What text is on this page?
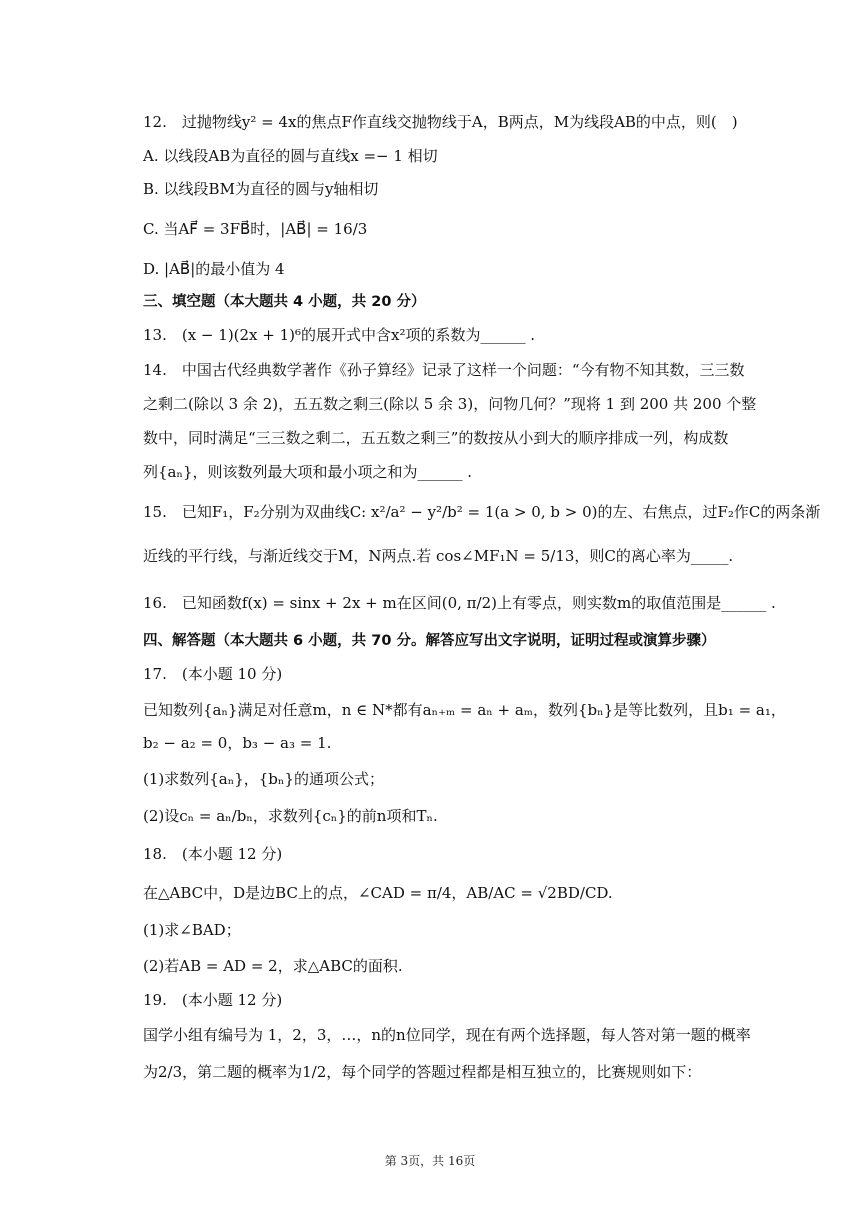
12.　过抛物线y² = 4x的焦点F作直线交抛物线于A，B两点，M为线段AB的中点，则(　)
A. 以线段AB为直径的圆与直线x =− 1 相切
B. 以线段BM为直径的圆与y轴相切
C. 当AF⃗ = 3FB⃗时，|AB⃗| = 16/3
D. |AB⃗|的最小值为 4
三、填空题（本大题共 4 小题，共 20 分）
13.　(x − 1)(2x + 1)⁶的展开式中含x²项的系数为______ .
14.　中国古代经典数学著作《孙子算经》记录了这样一个问题：“今有物不知其数，三三数
之剩二(除以 3 余 2)，五五数之剩三(除以 5 余 3)，问物几何？”现将 1 到 200 共 200 个整
数中，同时满足“三三数之剩二，五五数之剩三”的数按从小到大的顺序排成一列，构成数
列{aₙ}，则该数列最大项和最小项之和为______ .
15.　已知F₁，F₂分别为双曲线C: x²/a² − y²/b² = 1(a > 0, b > 0)的左、右焦点，过F₂作C的两条渐
近线的平行线，与渐近线交于M，N两点.若 cos∠MF₁N = 5/13，则C的离心率为_____.
16.　已知函数f(x) = sinx + 2x + m在区间(0, π/2)上有零点，则实数m的取值范围是______ .
四、解答题（本大题共 6 小题，共 70 分。解答应写出文字说明，证明过程或演算步骤）
17.　(本小题 10 分)
已知数列{aₙ}满足对任意m，n ∈ N*都有aₙ₊ₘ = aₙ + aₘ，数列{bₙ}是等比数列，且b₁ = a₁，
b₂ − a₂ = 0，b₃ − a₃ = 1.
(1)求数列{aₙ}，{bₙ}的通项公式；
(2)设cₙ = aₙ/bₙ，求数列{cₙ}的前n项和Tₙ.
18.　(本小题 12 分)
在△ABC中，D是边BC上的点，∠CAD = π/4，AB/AC = √2BD/CD.
(1)求∠BAD；
(2)若AB = AD = 2，求△ABC的面积.
19.　(本小题 12 分)
国学小组有编号为 1，2，3，…，n的n位同学，现在有两个选择题，每人答对第一题的概率
为2/3，第二题的概率为1/2，每个同学的答题过程都是相互独立的，比赛规则如下：
第 3页，共 16页
